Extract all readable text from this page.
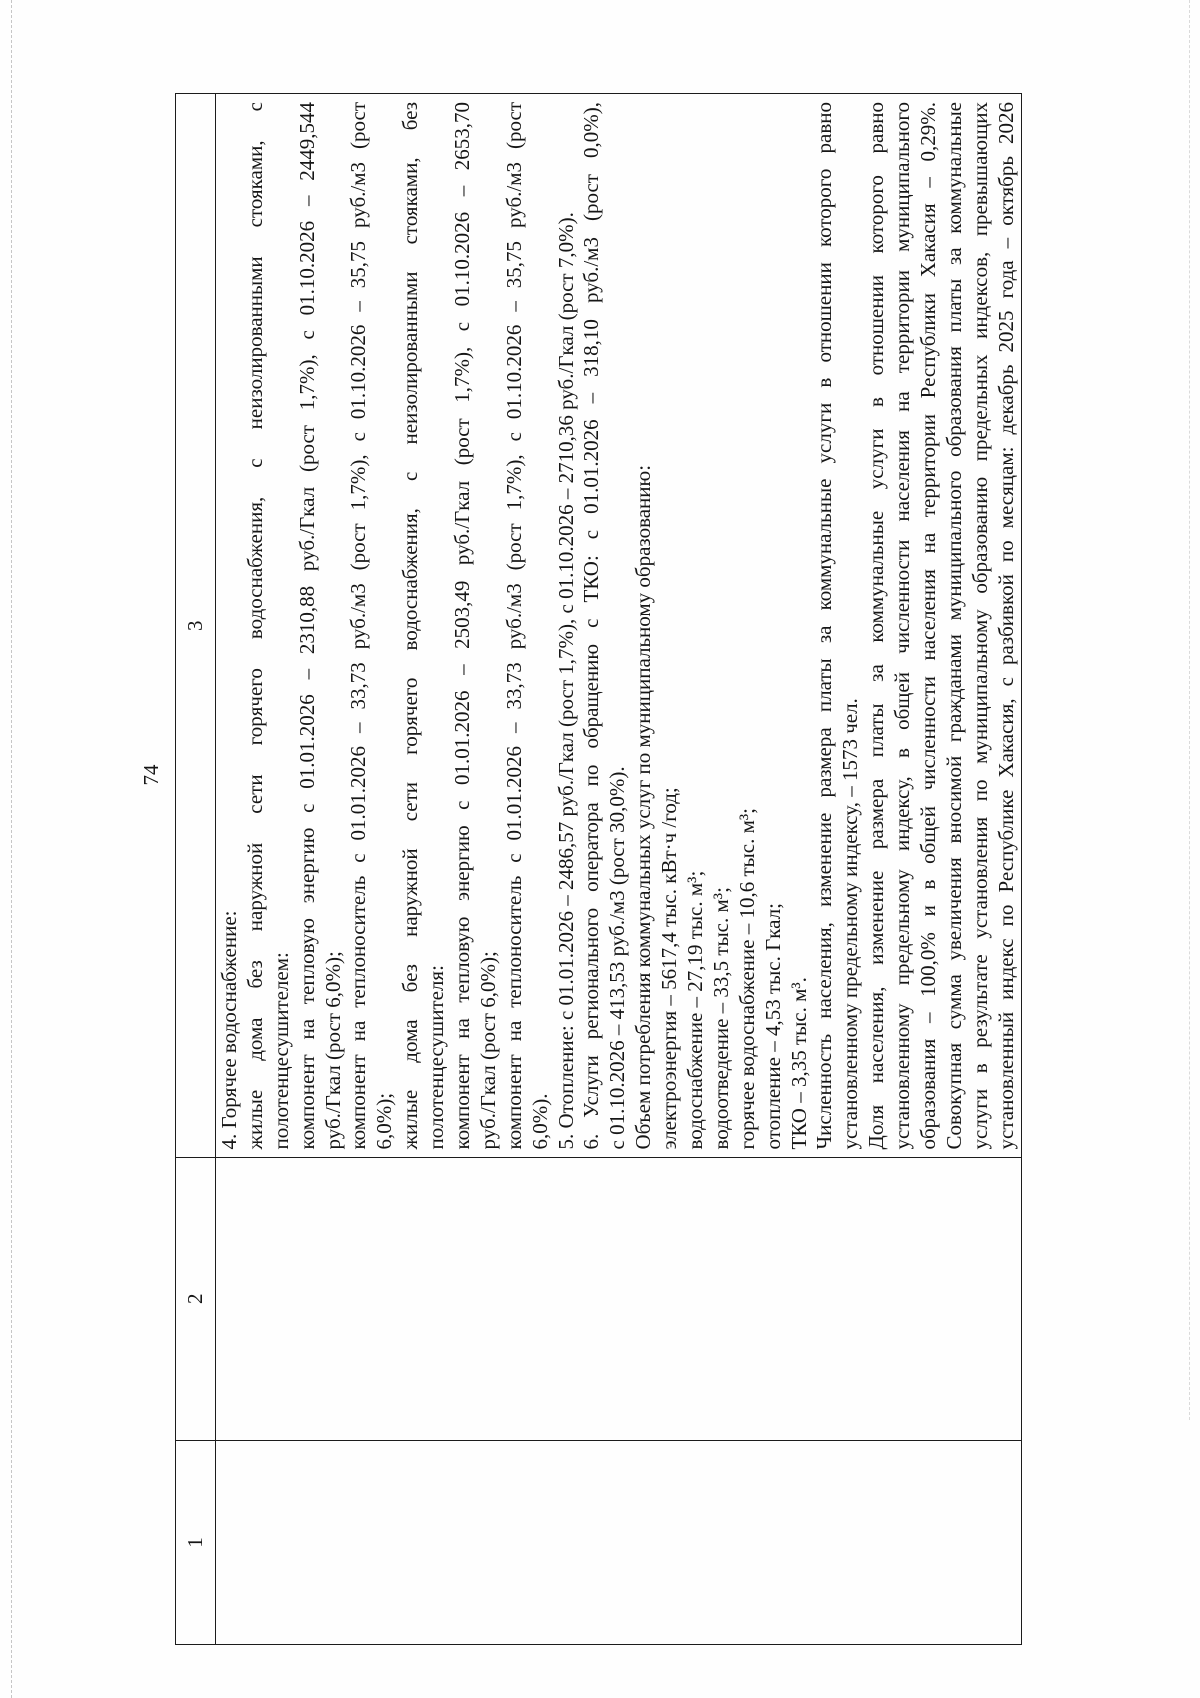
74
1
2
3
4. Горячее водоснабжение: жилые дома без наружной сети горячего водоснабжения, с неизолированными стояками, с полотенцесушителем: компонент на тепловую энергию с 01.01.2026 – 2310,88 руб./Гкал (рост 1,7%), с 01.10.2026 – 2449,544 руб./Гкал (рост 6,0%); компонент на теплоноситель с 01.01.2026 – 33,73 руб./м3 (рост 1,7%), с 01.10.2026 – 35,75 руб./м3 (рост 6,0%); жилые дома без наружной сети горячего водоснабжения, с неизолированными стояками, без полотенцесушителя: компонент на тепловую энергию с 01.01.2026 – 2503,49 руб./Гкал (рост 1,7%), с 01.10.2026 – 2653,70 руб./Гкал (рост 6,0%); компонент на теплоноситель с 01.01.2026 – 33,73 руб./м3 (рост 1,7%), с 01.10.2026 – 35,75 руб./м3 (рост 6,0%). 5. Отопление: с 01.01.2026 – 2486,57 руб./Гкал (рост 1,7%), с 01.10.2026 – 2710,36 руб./Гкал (рост 7,0%). 6. Услуги регионального оператора по обращению с ТКО: с 01.01.2026 – 318,10 руб./м3 (рост 0,0%), с 01.10.2026 – 413,53 руб./м3 (рост 30,0%). Объем потребления коммунальных услуг по муниципальному образованию: электроэнергия – 5617,4 тыс. кВт·ч /год; водоснабжение – 27,19 тыс. м³; водоотведение – 33,5 тыс. м³; горячее водоснабжение – 10,6 тыс. м³; отопление – 4,53 тыс. Гкал; ТКО – 3,35 тыс. м³. Численность населения, изменение размера платы за коммунальные услуги в отношении которого равно установленному предельному индексу, – 1573 чел. Доля населения, изменение размера платы за коммунальные услуги в отношении которого равно установленному предельному индексу, в общей численности населения на территории муниципального образования – 100,0% и в общей численности населения на территории Республики Хакасия – 0,29%. Совокупная сумма увеличения вносимой гражданами муниципального образования платы за коммунальные услуги в результате установления по муниципальному образованию предельных индексов, превышающих установленный индекс по Республике Хакасия, с разбивкой по месяцам: декабрь 2025 года – октябрь 2026
